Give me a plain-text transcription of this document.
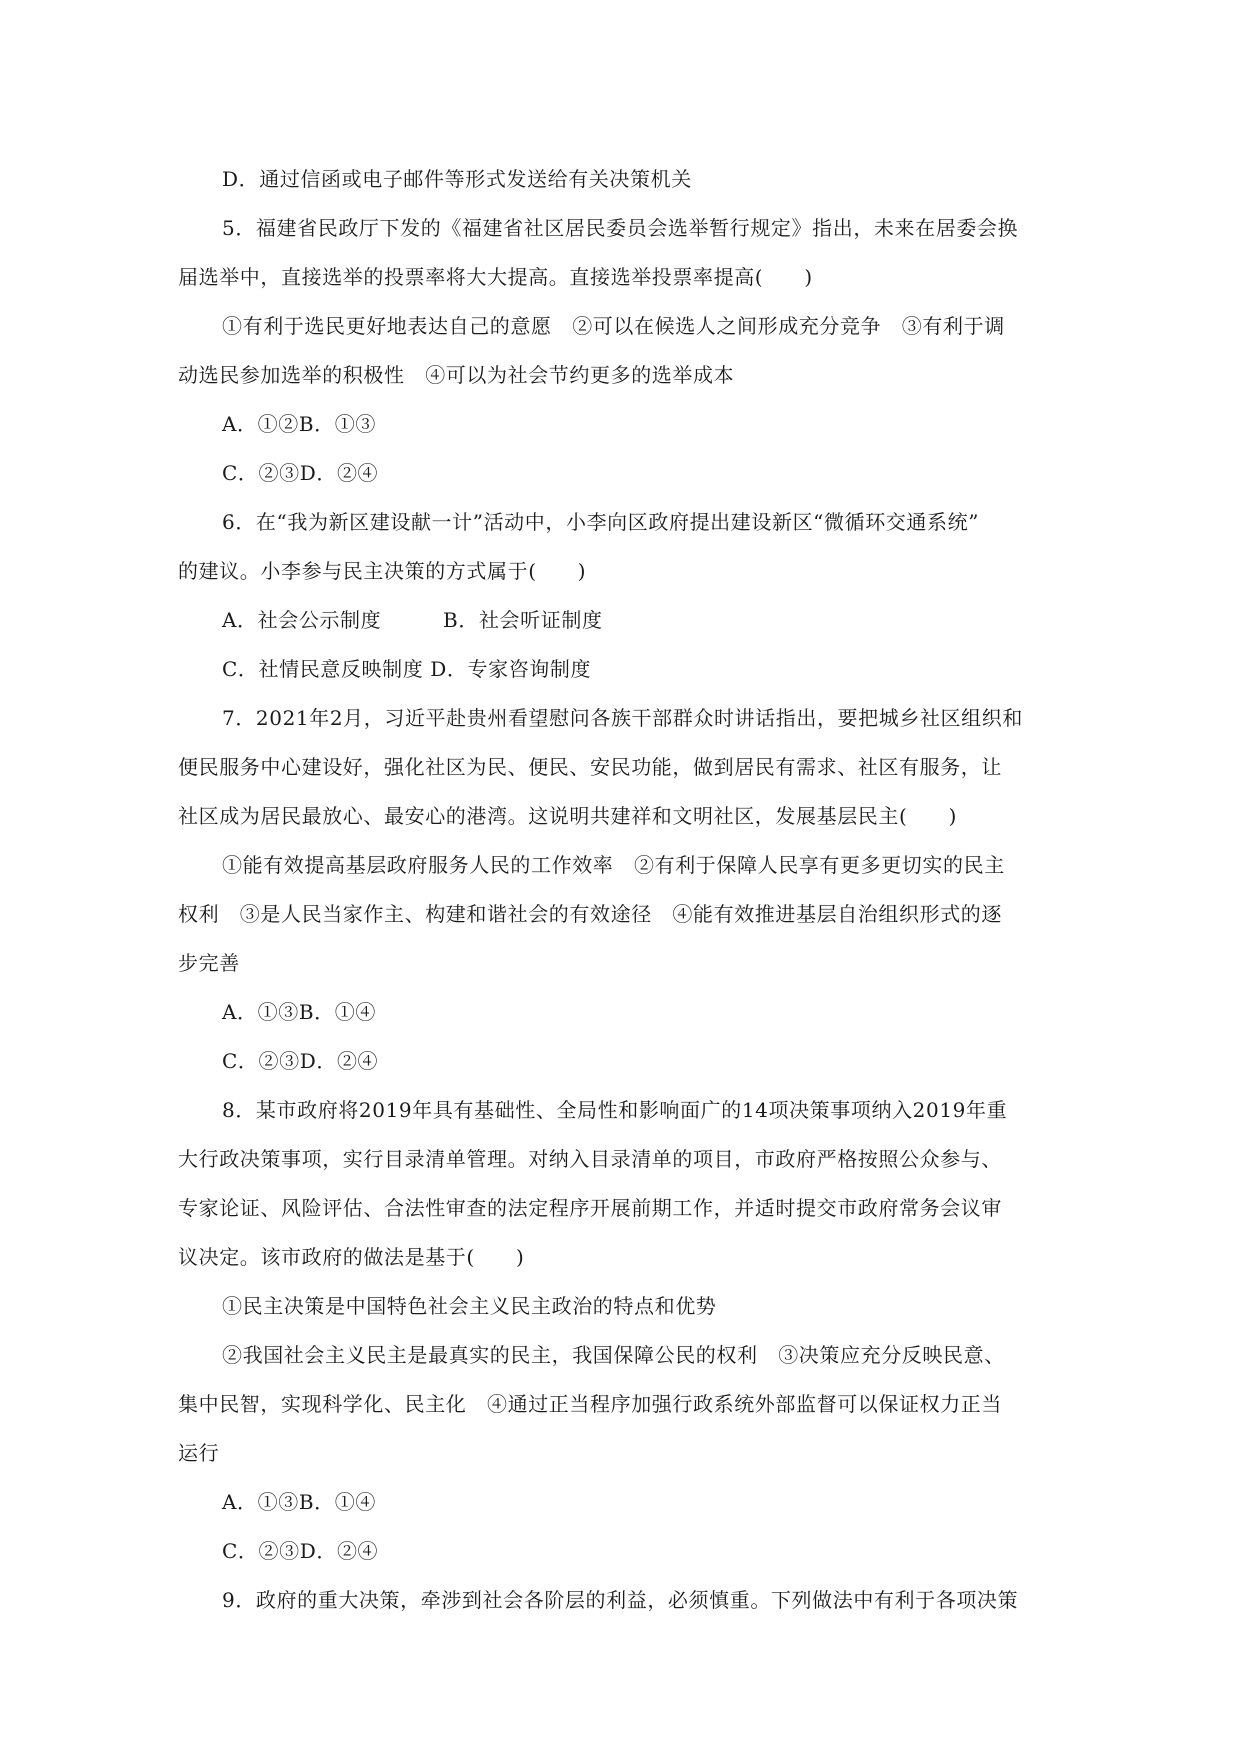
D．通过信函或电子邮件等形式发送给有关决策机关
5．福建省民政厅下发的《福建省社区居民委员会选举暂行规定》指出，未来在居委会换
届选举中，直接选举的投票率将大大提高。直接选举投票率提高(　　)
①有利于选民更好地表达自己的意愿　②可以在候选人之间形成充分竞争　③有利于调
动选民参加选举的积极性　④可以为社会节约更多的选举成本
A．①②B．①③
C．②③D．②④
6．在“我为新区建设献一计”活动中，小李向区政府提出建设新区“微循环交通系统”
的建议。小李参与民主决策的方式属于(　　)
A．社会公示制度　　　B．社会听证制度
C．社情民意反映制度 D．专家咨询制度
7．2021年2月，习近平赴贵州看望慰问各族干部群众时讲话指出，要把城乡社区组织和
便民服务中心建设好，强化社区为民、便民、安民功能，做到居民有需求、社区有服务，让
社区成为居民最放心、最安心的港湾。这说明共建祥和文明社区，发展基层民主(　　)
①能有效提高基层政府服务人民的工作效率　②有利于保障人民享有更多更切实的民主
权利　③是人民当家作主、构建和谐社会的有效途径　④能有效推进基层自治组织形式的逐
步完善
A．①③B．①④
C．②③D．②④
8．某市政府将2019年具有基础性、全局性和影响面广的14项决策事项纳入2019年重
大行政决策事项，实行目录清单管理。对纳入目录清单的项目，市政府严格按照公众参与、
专家论证、风险评估、合法性审查的法定程序开展前期工作，并适时提交市政府常务会议审
议决定。该市政府的做法是基于(　　)
①民主决策是中国特色社会主义民主政治的特点和优势
②我国社会主义民主是最真实的民主，我国保障公民的权利　③决策应充分反映民意、
集中民智，实现科学化、民主化　④通过正当程序加强行政系统外部监督可以保证权力正当
运行
A．①③B．①④
C．②③D．②④
9．政府的重大决策，牵涉到社会各阶层的利益，必须慎重。下列做法中有利于各项决策
